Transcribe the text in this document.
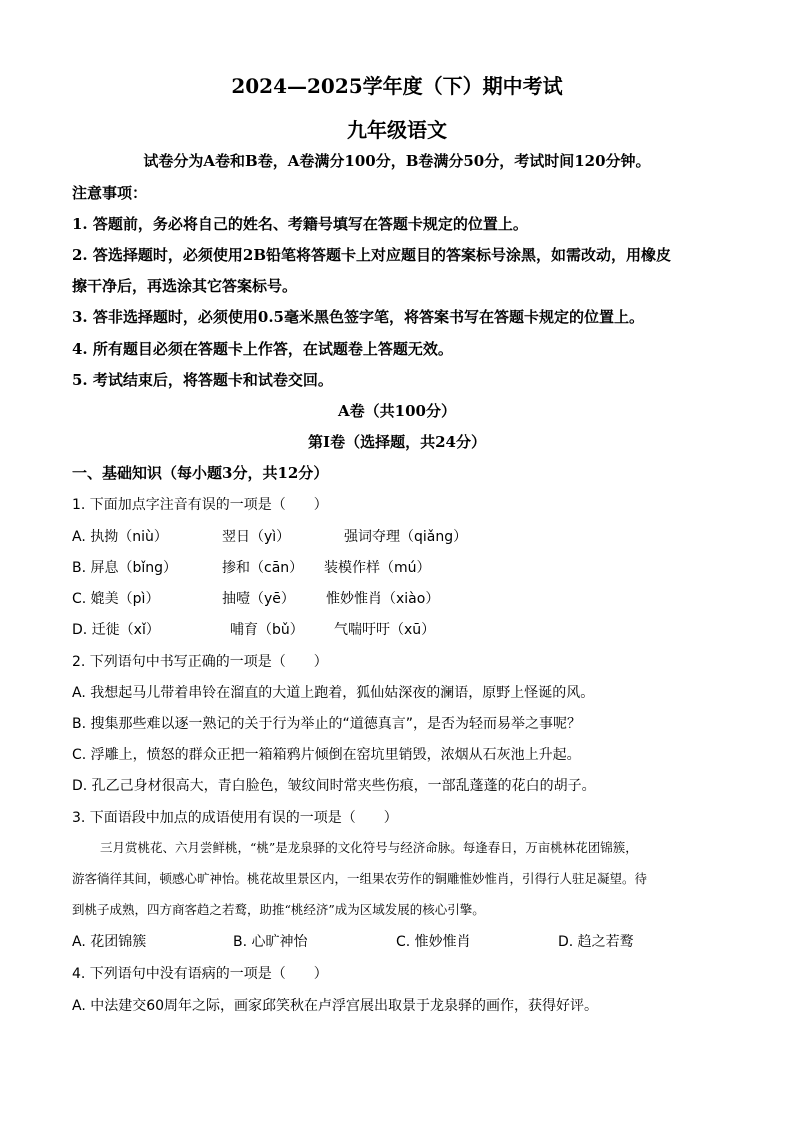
2024—2025学年度（下）期中考试
九年级语文
试卷分为A卷和B卷，A卷满分100分，B卷满分50分，考试时间120分钟。
注意事项：
1. 答题前，务必将自己的姓名、考籍号填写在答题卡规定的位置上。
2. 答选择题时，必须使用2B铅笔将答题卡上对应题目的答案标号涂黑，如需改动，用橡皮
擦干净后，再选涂其它答案标号。
3. 答非选择题时，必须使用0.5毫米黑色签字笔，将答案书写在答题卡规定的位置上。
4. 所有题目必须在答题卡上作答，在试题卷上答题无效。
5. 考试结束后，将答题卡和试卷交回。
A卷（共100分）
第Ⅰ卷（选择题，共24分）
一、基础知识（每小题3分，共12分）
1. 下面加点字注音有误的一项是（　　）
A. 执拗（niù）	翌日（yì）	强词夺理（qiǎng）
B. 屏息（bǐng）	掺和（cān） 装模作样（mú）
C. 媲美（pì）	抽噎（yē） 惟妙惟肖（xiào）
D. 迁徙（xǐ）	哺育（bǔ） 气喘吁吁（xū）
2. 下列语句中书写正确的一项是（　　）
A. 我想起马儿带着串铃在溜直的大道上跑着，狐仙姑深夜的澜语，原野上怪诞的风。
B. 搜集那些难以逐一熟记的关于行为举止的“道德真言”，是否为轻而易举之事呢？
C. 浮雕上，愤怒的群众正把一箱箱鸦片倾倒在窑坑里销毁，浓烟从石灰池上升起。
D. 孔乙己身材很高大，青白脸色，皱纹间时常夹些伤痕，一部乱蓬蓬的花白的胡子。
3. 下面语段中加点的成语使用有误的一项是（　　）

三月赏桃花、六月尝鲜桃，“桃”是龙泉驿的文化符号与经济命脉。每逢春日，万亩桃林花团锦簇，

游客徜徉其间，顿感心旷神怡。桃花故里景区内，一组果农劳作的铜雕惟妙惟肖，引得行人驻足凝望。待

到桃子成熟，四方商客趋之若鹜，助推“桃经济”成为区域发展的核心引擎。

A. 花团锦簇	B. 心旷神怡	C. 惟妙惟肖	D. 趋之若鹜
4. 下列语句中没有语病的一项是（　　）
A. 中法建交60周年之际，画家邱笑秋在卢浮宫展出取景于龙泉驿的画作，获得好评。
